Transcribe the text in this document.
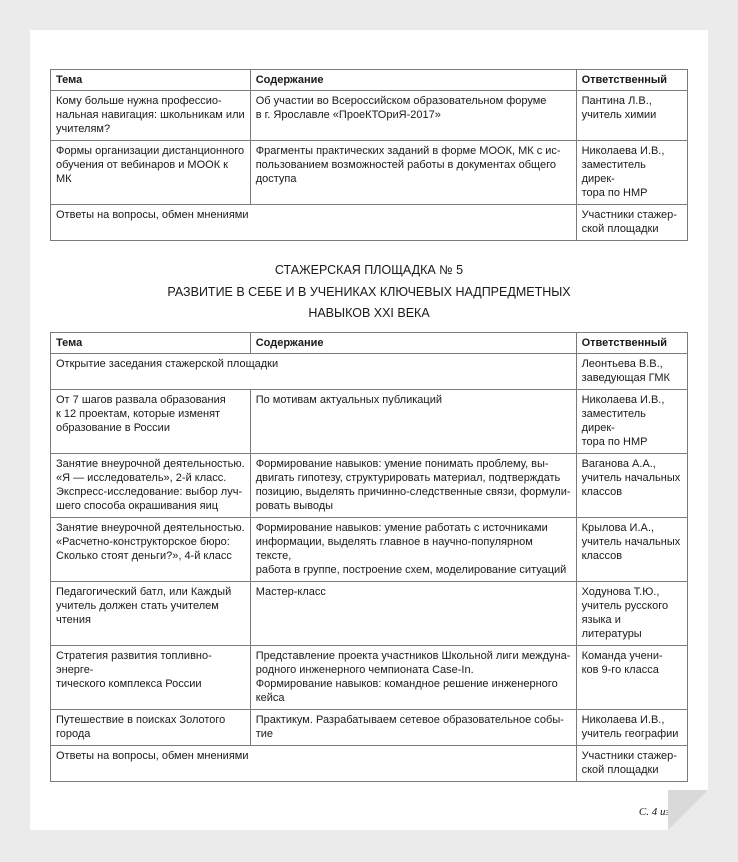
Тема	Содержание	Ответственный
Кому больше нужна профессио-
нальная навигация: школьникам или
учителям?	Об участии во Всероссийском образовательном форуме
в г. Ярославле «ПроеКТОриЯ-2017»	Пантина Л.В.,
учитель химии
Формы организации дистанционного
обучения от вебинаров и МООК к МК	Фрагменты практических заданий в форме МООК, МК с ис-
пользованием возможностей работы в документах общего
доступа	Николаева И.В.,
заместитель дирек-
тора по НМР
Ответы на вопросы, обмен мнениями		Участники стажер-
ской площадки
СТАЖЕРСКАЯ ПЛОЩАДКА № 5
РАЗВИТИЕ В СЕБЕ И В УЧЕНИКАХ КЛЮЧЕВЫХ НАДПРЕДМЕТНЫХ
НАВЫКОВ XXI ВЕКА
Тема	Содержание	Ответственный
Открытие заседания стажерской площадки		Леонтьева В.В.,
заведующая ГМК
От 7 шагов развала образования
к 12 проектам, которые изменят
образование в России	По мотивам актуальных публикаций	Николаева И.В.,
заместитель дирек-
тора по НМР
Занятие внеурочной деятельностью.
«Я — исследователь», 2-й класс.
Экспресс-исследование: выбор луч-
шего способа окрашивания яиц	Формирование навыков: умение понимать проблему, вы-
двигать гипотезу, структурировать материал, подтверждать
позицию, выделять причинно-следственные связи, формули-
ровать выводы	Ваганова А.А.,
учитель начальных
классов
Занятие внеурочной деятельностью.
«Расчетно-конструкторское бюро:
Сколько стоят деньги?», 4-й класс	Формирование навыков: умение работать с источниками
информации, выделять главное в научно-популярном тексте,
работа в группе, построение схем, моделирование ситуаций	Крылова И.А.,
учитель начальных
классов
Педагогический батл, или Каждый
учитель должен стать учителем
чтения	Мастер-класс	Ходунова Т.Ю.,
учитель русского
языка и литературы
Стратегия развития топливно-энерге-
тического комплекса России	Представление проекта участников Школьной лиги междуна-
родного инженерного чемпионата Case-In.
Формирование навыков: командное решение инженерного
кейса	Команда учени-
ков 9-го класса
Путешествие в поисках Золотого
города	Практикум. Разрабатываем сетевое образовательное собы-
тие	Николаева И.В.,
учитель географии
Ответы на вопросы, обмен мнениями		Участники стажер-
ской площадки
С. 4 из 4
